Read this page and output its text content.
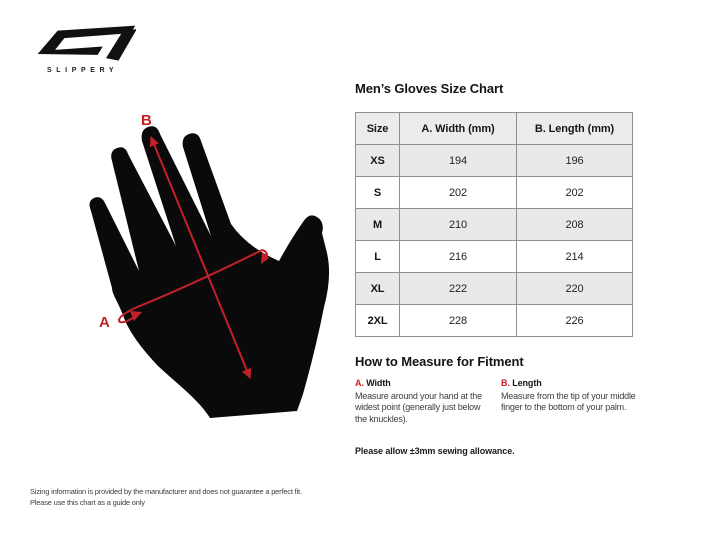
SLIPPERY
B
A
Men’s Gloves Size Chart
Size	A. Width (mm)	B. Length (mm)
XS	194	196
S	202	202
M	210	208
L	216	214
XL	222	220
2XL	228	226
How to Measure for Fitment
A. Width

Measure around your hand at the widest point (generally just below the knuckles).

B. Length

Measure from the tip of your middle finger to the bottom of your palm.

Please allow ±3mm sewing allowance.

Sizing information is provided by the manufacturer and does not guarantee a perfect fit.
Please use this chart as a guide only
